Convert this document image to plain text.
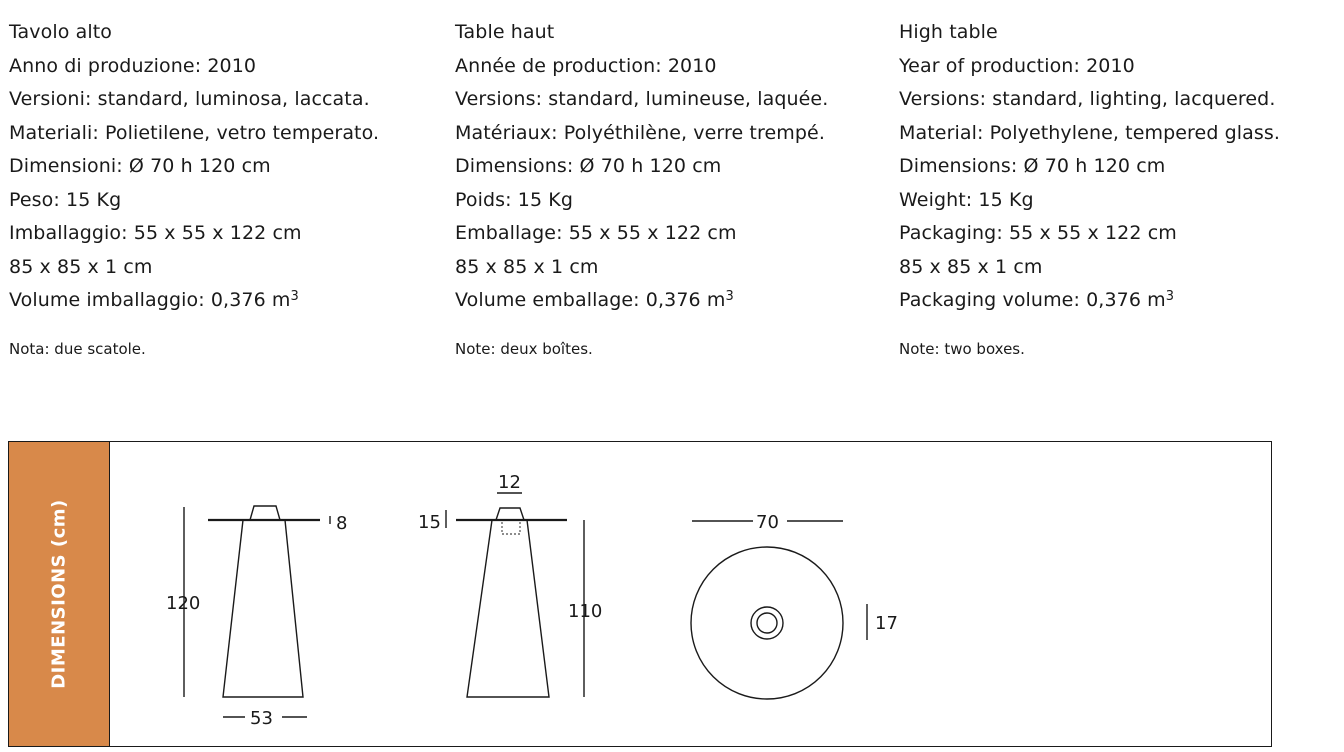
Tavolo alto
Anno di produzione: 2010
Versioni: standard, luminosa, laccata.
Materiali: Polietilene, vetro temperato.
Dimensioni: Ø 70 h 120 cm
Peso: 15 Kg
Imballaggio: 55 x 55 x 122 cm
85 x 85 x 1 cm
Volume imballaggio: 0,376 $m^3$
Nota: due scatole.
Table haut
Année de production: 2010
Versions: standard, lumineuse, laquée.
Matériaux: Polyéthilène, verre trempé.
Dimensions: Ø 70 h 120 cm
Poids: 15 Kg
Emballage: 55 x 55 x 122 cm
85 x 85 x 1 cm
Volume emballage: 0,376 $m^3$
Note: deux boîtes.
High table
Year of production: 2010
Versions: standard, lighting, lacquered.
Material: Polyethylene, tempered glass.
Dimensions: Ø 70 h 120 cm
Weight: 15 Kg
Packaging: 55 x 55 x 122 cm
85 x 85 x 1 cm
Packaging volume: 0,376 $m^3$
Note: two boxes.
DIMENSIONS (cm)	120
8
53
12
15
110
70
17
